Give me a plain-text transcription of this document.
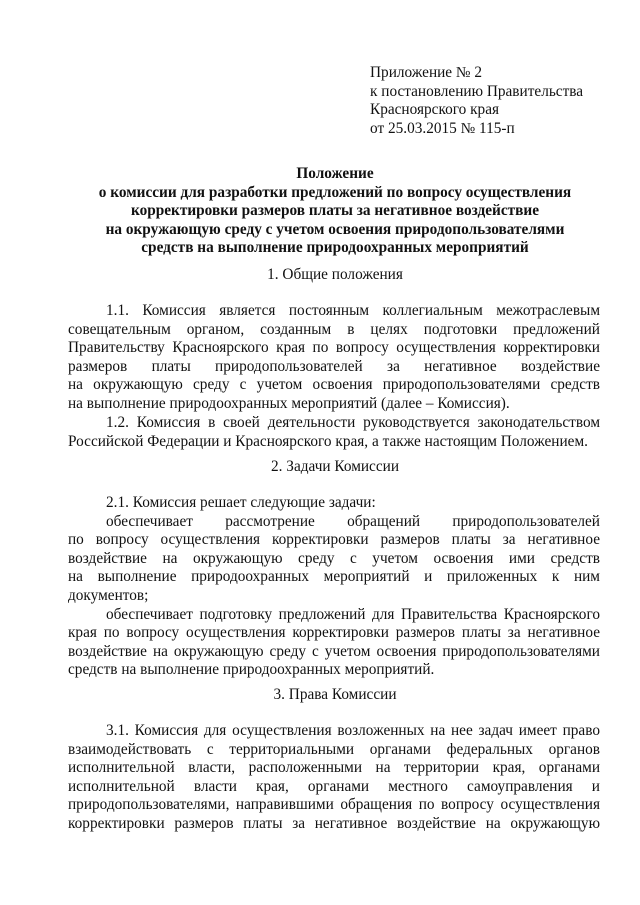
Приложение № 2
к постановлению Правительства
Красноярского края
от 25.03.2015 № 115-п
Положение
о комиссии для разработки предложений по вопросу осуществления
корректировки размеров платы за негативное воздействие
на окружающую среду с учетом освоения природопользователями
средств на выполнение природоохранных мероприятий
1. Общие положения
1.1. Комиссия является постоянным коллегиальным межотраслевым
совещательным органом, созданным в целях подготовки предложений
Правительству Красноярского края по вопросу осуществления корректировки
размеров платы природопользователей за негативное воздействие
на окружающую среду с учетом освоения природопользователями средств
на выполнение природоохранных мероприятий (далее – Комиссия).
1.2. Комиссия в своей деятельности руководствуется законодательством
Российской Федерации и Красноярского края, а также настоящим Положением.
2. Задачи Комиссии
2.1. Комиссия решает следующие задачи:
обеспечивает рассмотрение обращений природопользователей
по вопросу осуществления корректировки размеров платы за негативное
воздействие на окружающую среду с учетом освоения ими средств
на выполнение природоохранных мероприятий и приложенных к ним
документов;
обеспечивает подготовку предложений для Правительства Красноярского
края по вопросу осуществления корректировки размеров платы за негативное
воздействие на окружающую среду с учетом освоения природопользователями
средств на выполнение природоохранных мероприятий.
3. Права Комиссии
3.1. Комиссия для осуществления возложенных на нее задач имеет право
взаимодействовать с территориальными органами федеральных органов
исполнительной власти, расположенными на территории края, органами
исполнительной власти края, органами местного самоуправления и
природопользователями, направившими обращения по вопросу осуществления
корректировки размеров платы за негативное воздействие на окружающую
